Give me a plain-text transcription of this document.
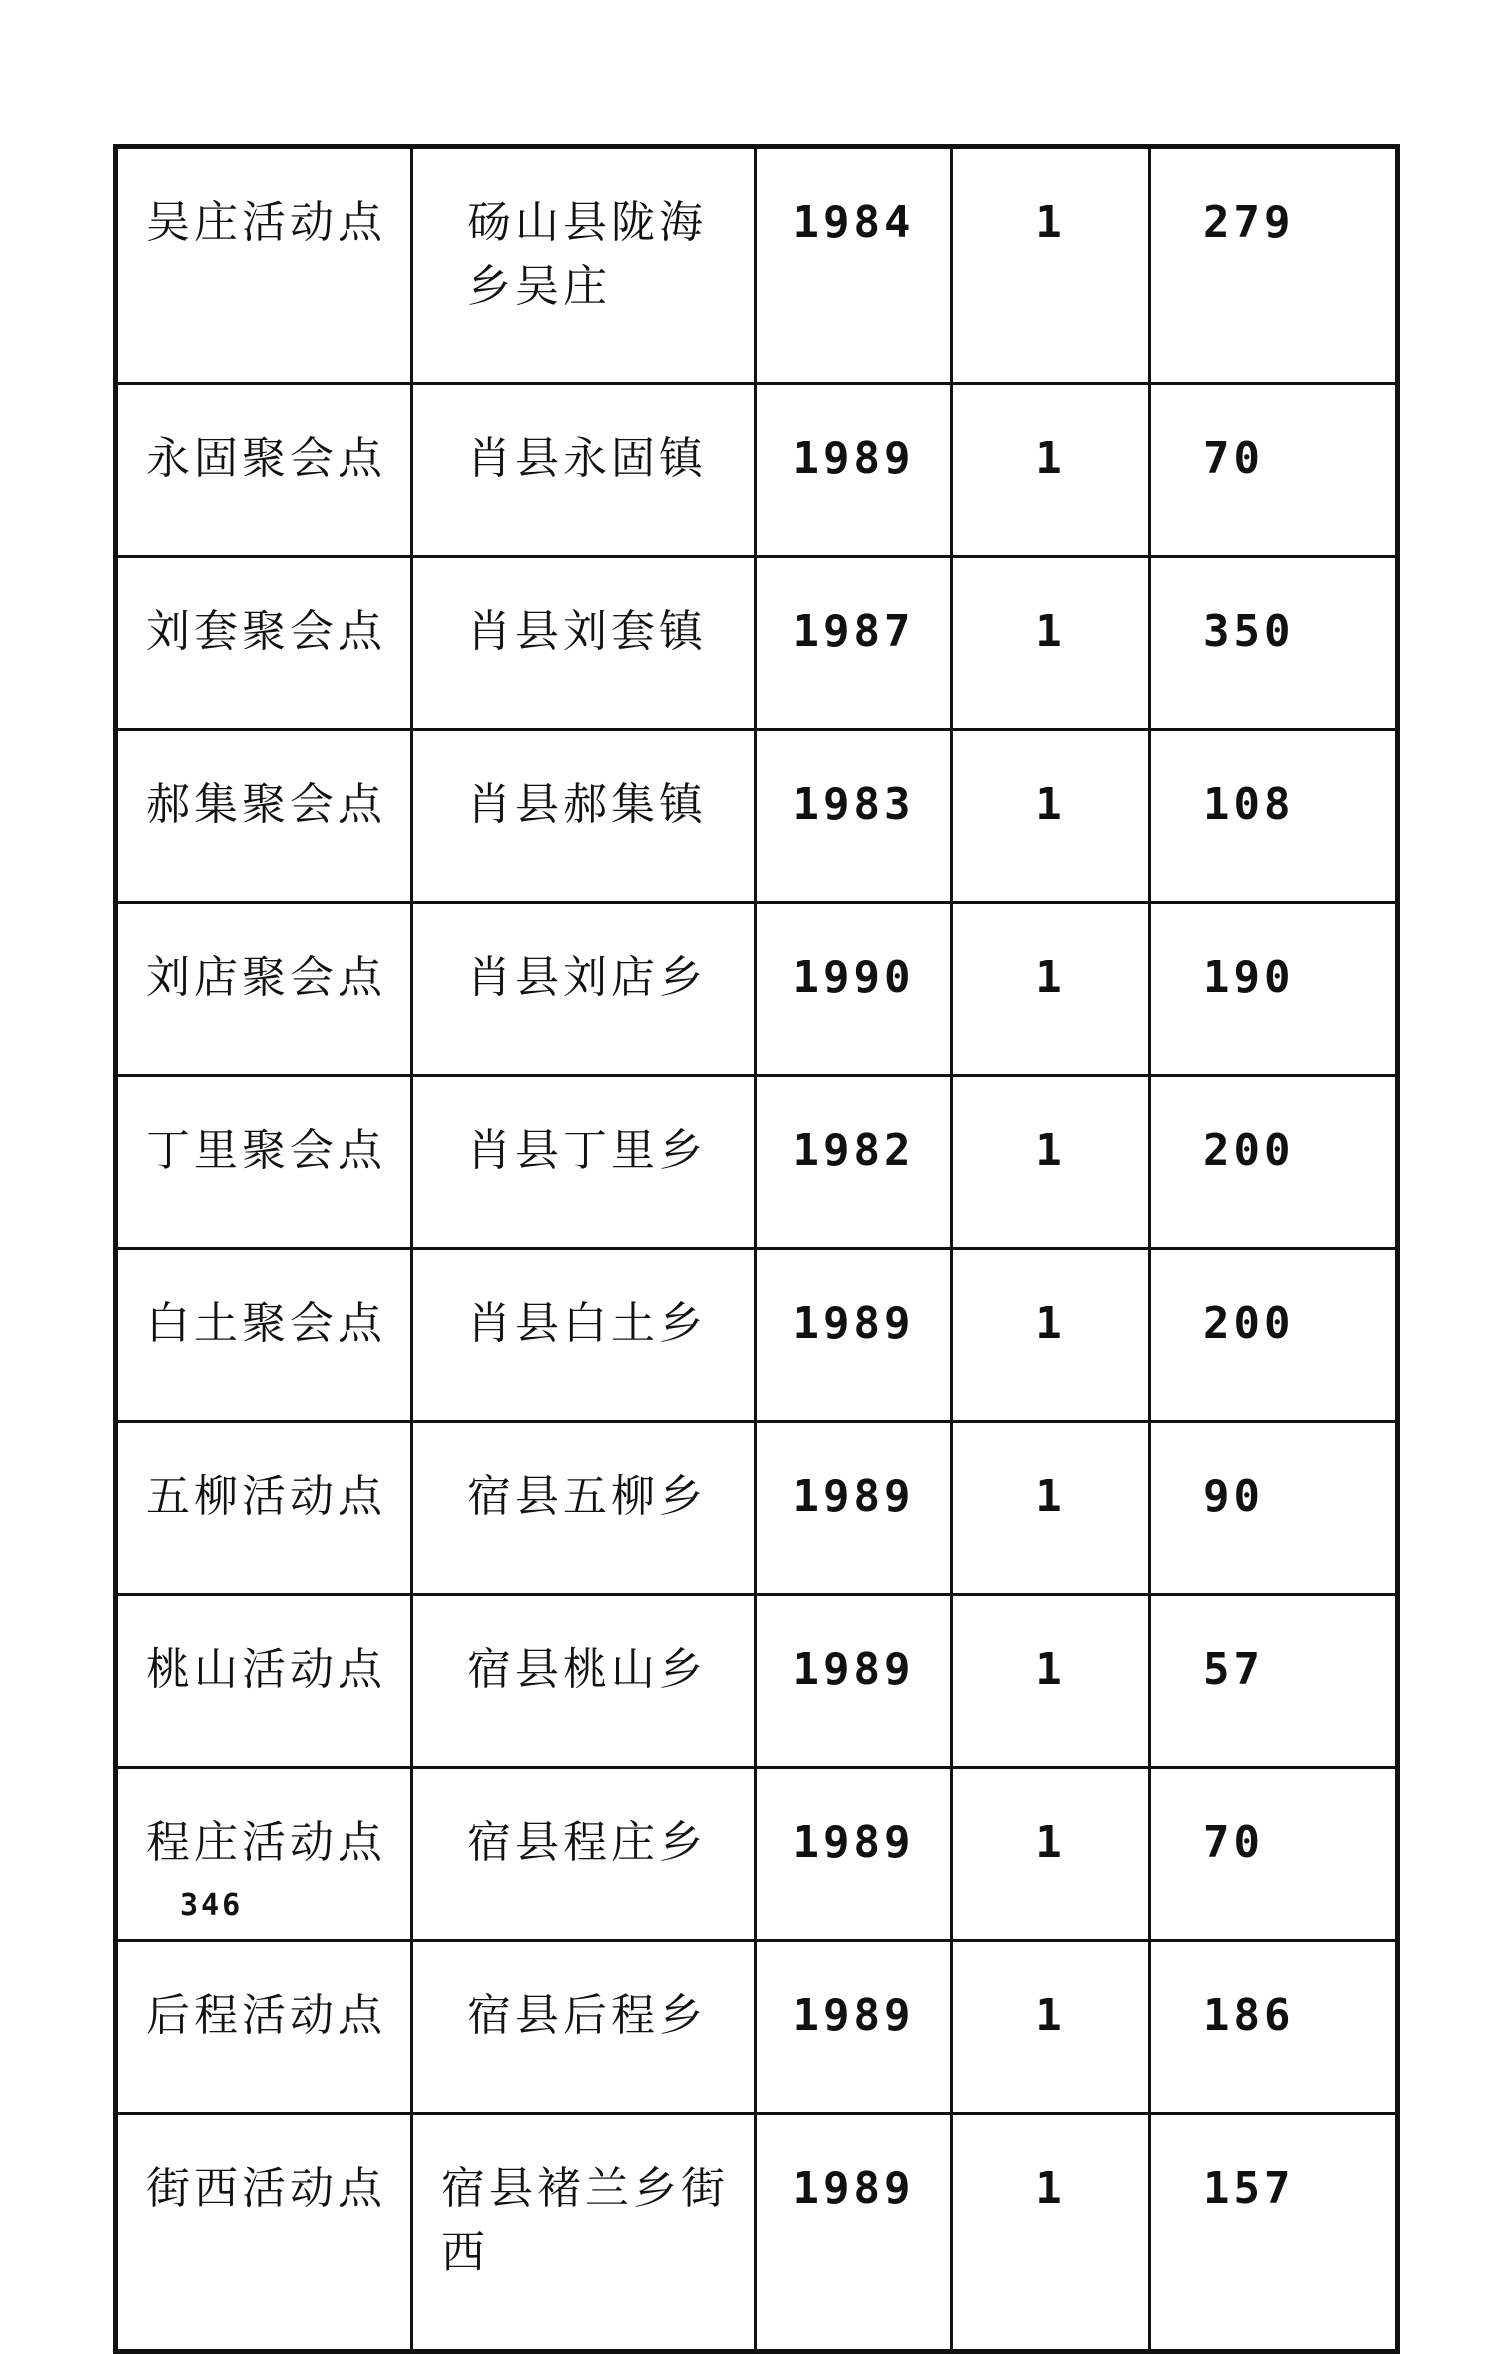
吴庄活动点	砀山县陇海乡吴庄	1984	1	279
永固聚会点	肖县永固镇	1989	1	70
刘套聚会点	肖县刘套镇	1987	1	350
郝集聚会点	肖县郝集镇	1983	1	108
刘店聚会点	肖县刘店乡	1990	1	190
丁里聚会点	肖县丁里乡	1982	1	200
白土聚会点	肖县白土乡	1989	1	200
五柳活动点	宿县五柳乡	1989	1	90
桃山活动点	宿县桃山乡	1989	1	57
程庄活动点	宿县程庄乡	1989	1	70
后程活动点	宿县后程乡	1989	1	186
街西活动点	宿县褚兰乡街西	1989	1	157
346
